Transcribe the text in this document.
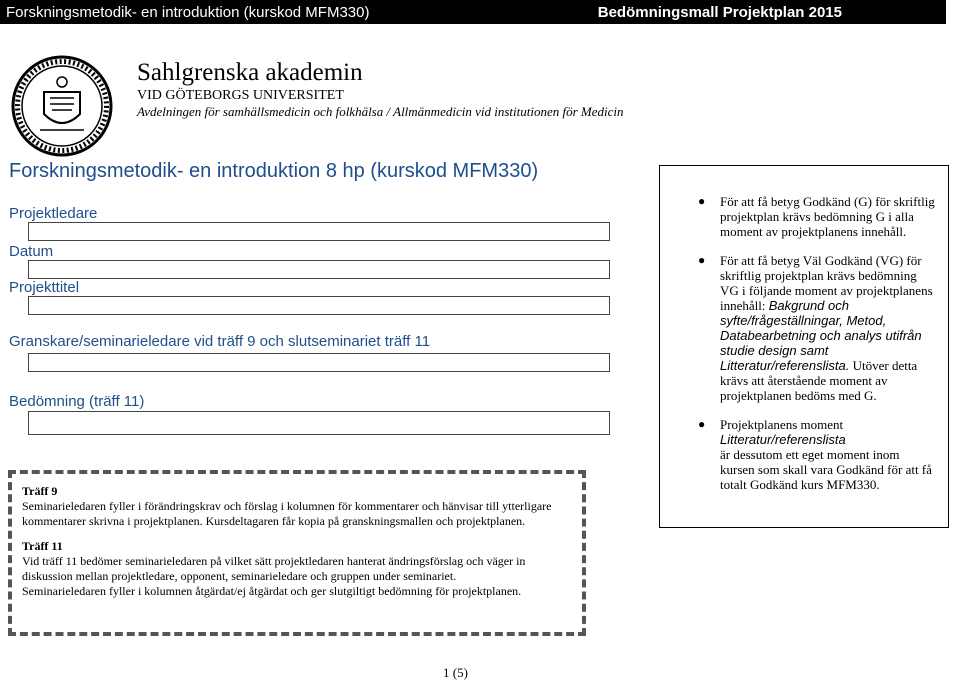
Forskningsmetodik- en introduktion (kurskod MFM330)	Bedömningsmall Projektplan 2015
Sahlgrenska akademin
VID GÖTEBORGS UNIVERSITET
Avdelningen för samhällsmedicin och folkhälsa / Allmänmedicin vid institutionen för Medicin
Forskningsmetodik- en introduktion 8 hp (kurskod MFM330)
Projektledare
Datum
Projekttitel
Granskare/seminarieledare vid träff 9 och slutseminariet träff 11
Bedömning (träff 11)
Träff 9
Seminarieledaren fyller i förändringskrav och förslag i kolumnen för kommentarer och hänvisar till ytterligare kommentarer skrivna i projektplanen. Kursdeltagaren får kopia på granskningsmallen och projektplanen.
Träff 11
Vid träff 11 bedömer seminarieledaren på vilket sätt projektledaren hanterat ändringsförslag och väger in diskussion mellan projektledare, opponent, seminarieledare och gruppen under seminariet.
Seminarieledaren fyller i kolumnen åtgärdat/ej åtgärdat och ger slutgiltigt bedömning för projektplanen.
● För att få betyg Godkänd (G) för skriftlig projektplan krävs bedömning G i alla moment av projektplanens innehåll.
● För att få betyg Väl Godkänd (VG) för skriftlig projektplan krävs bedömning VG i följande moment av projektplanens innehåll: Bakgrund och syfte/frågeställningar, Metod, Databearbetning och analys utifrån studie design samt Litteratur/referenslista. Utöver detta krävs att återstående moment av projektplanen bedöms med G.
● Projektplanens moment
Litteratur/referenslista
är dessutom ett eget moment inom kursen som skall vara Godkänd för att få totalt Godkänd kurs MFM330.
1 (5)
